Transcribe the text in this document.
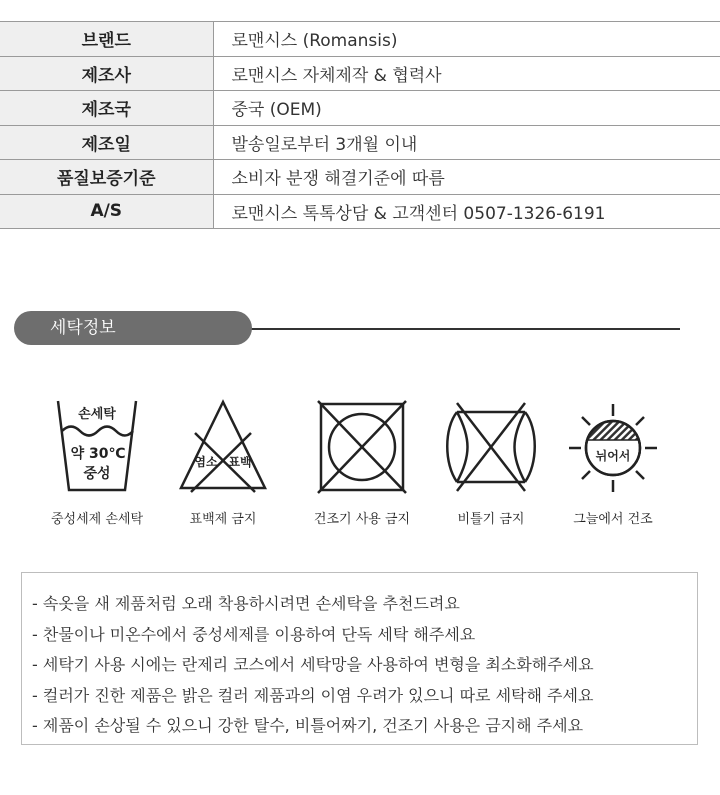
브랜드	로맨시스 (Romansis)
제조사	로맨시스 자체제작 & 협력사
제조국	중국 (OEM)
제조일	발송일로부터 3개월 이내
품질보증기준	소비자 분쟁 해결기준에 따름
A/S	로맨시스 톡톡상담 & 고객센터 0507-1326-6191
세탁정보
손세탁
약 30℃
중성
중성세제 손세탁
염소 표백
표백제 금지	건조기 사용 금지	비틀기 금지
뉘어서
그늘에서 건조
- 속옷을 새 제품처럼 오래 착용하시려면 손세탁을 추천드려요
- 찬물이나 미온수에서 중성세제를 이용하여 단독 세탁 해주세요
- 세탁기 사용 시에는 란제리 코스에서 세탁망을 사용하여 변형을 최소화해주세요
- 컬러가 진한 제품은 밝은 컬러 제품과의 이염 우려가 있으니 따로 세탁해 주세요
- 제품이 손상될 수 있으니 강한 탈수, 비틀어짜기, 건조기 사용은 금지해 주세요
